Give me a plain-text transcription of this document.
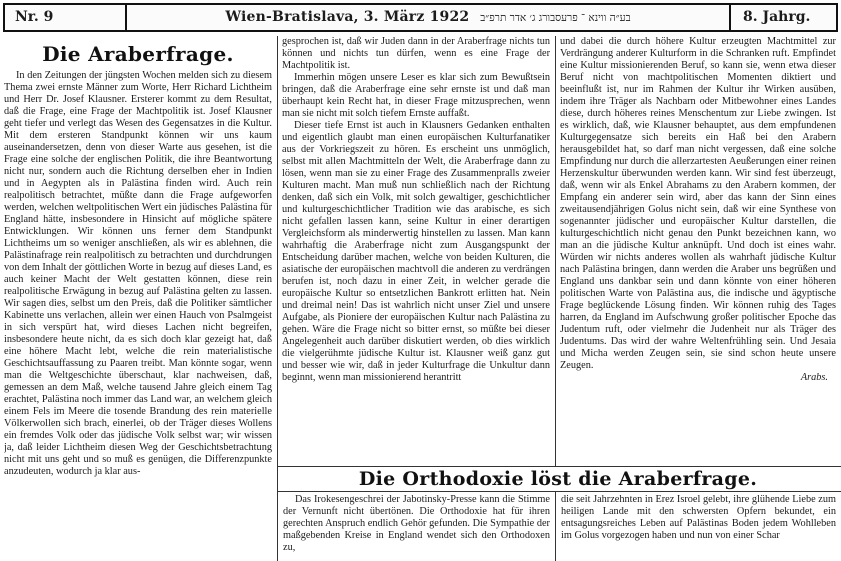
Nr. 9	Wien-Bratislava, 3. März 1922 בע״ה ווינא ־ פרעסבורג ג׳ אדר תרפ״ב	8. Jahrg.
Die Araberfrage.

In den Zeitungen der jüngsten Wochen melden sich zu diesem Thema zwei ernste Männer zum Worte, Herr Richard Lichtheim und Herr Dr. Josef Klausner. Ersterer kommt zu dem Resultat, daß die Frage, eine Frage der Machtpolitik ist. Josef Klausner geht tiefer und verlegt das Wesen des Gegensatzes in die Kultur. Mit dem ersteren Standpunkt können wir uns kaum auseinandersetzen, denn von dieser Warte aus gesehen, ist die Frage eine solche der englischen Politik, die ihre Beantwortung nicht nur, sondern auch die Richtung derselben eher in Indien und in Aegypten als in Palästina finden wird. Auch rein realpolitisch betrachtet, müßte dann die Frage aufgeworfen werden, welchen weltpolitischen Wert ein jüdisches Palästina für England hätte, insbesondere in Hinsicht auf mögliche spätere Entwicklungen. Wir können uns ferner dem Standpunkt Lichtheims um so weniger anschließen, als wir es ablehnen, die Palästinafrage rein realpolitisch zu betrachten und durchdrungen von dem Inhalt der göttlichen Worte in bezug auf dieses Land, es auch keiner Macht der Welt gestatten können, diese rein realpolitische Erwägung in bezug auf Palästina gelten zu lassen. Wir sagen dies, selbst um den Preis, daß die Politiker sämtlicher Kabinette uns verlachen, allein wer einen Hauch von Psalmgeist in sich verspürt hat, wird dieses Lachen nicht begreifen, insbesondere heute nicht, da es sich doch klar gezeigt hat, daß eine höhere Macht lebt, welche die rein materialistische Geschichtsauffassung zu Paaren treibt. Man könnte sogar, wenn man die Weltgeschichte überschaut, klar nachweisen, daß, gemessen an dem Maß, welche tausend Jahre gleich einem Tag erachtet, Palästina noch immer das Land war, an welchem gleich einem Fels im Meere die tosende Brandung des rein materielle Völkerwollen sich brach, einerlei, ob der Träger dieses Wollens ein fremdes Volk oder das jüdische Volk selbst war; wir wissen ja, daß leider Lichtheim diesen Weg der Geschichtsbetrachtung nicht mit uns geht und so muß es genügen, die Differenzpunkte anzudeuten, wodurch ja klar aus-

gesprochen ist, daß wir Juden dann in der Araberfrage nichts tun können und nichts tun dürfen, wenn es eine Frage der Machtpolitik ist.

Immerhin mögen unsere Leser es klar sich zum Bewußtsein bringen, daß die Araberfrage eine sehr ernste ist und daß man überhaupt kein Recht hat, in dieser Frage mitzusprechen, wenn man sie nicht mit solch tiefem Ernste auffaßt.

Dieser tiefe Ernst ist auch in Klausners Gedanken enthalten und eigentlich glaubt man einen europäischen Kulturfanatiker aus der Vorkriegszeit zu hören. Es erscheint uns unmöglich, selbst mit allen Machtmitteln der Welt, die Araberfrage dann zu lösen, wenn man sie zu einer Frage des Zusammenpralls zweier Kulturen macht. Man muß nun schließlich nach der Richtung denken, daß sich ein Volk, mit solch gewaltiger, geschichtlicher und kulturgeschichtlicher Tradition wie das arabische, es sich nicht gefallen lassen kann, seine Kultur in einer derartigen Vergleichsform als minderwertig hinstellen zu lassen. Man kann wahrhaftig die Araberfrage nicht zum Ausgangspunkt der Entscheidung darüber machen, welche von beiden Kulturen, die asiatische der europäischen machtvoll die anderen zu verdrängen berufen ist, noch dazu in einer Zeit, in welcher gerade die europäische Kultur so entsetzlichen Bankrott erlitten hat. Nein und dreimal nein! Das ist wahrlich nicht unser Ziel und unsere Aufgabe, als Pioniere der europäischen Kultur nach Palästina zu gehen. Wäre die Frage nicht so bitter ernst, so müßte bei dieser Angelegenheit auch darüber diskutiert werden, ob dies wirklich die vielgerühmte jüdische Kultur ist. Klausner weiß ganz gut und besser wie wir, daß in jeder Kulturfrage die Unkultur dann beginnt, wenn man missionierend herantritt

und dabei die durch höhere Kultur erzeugten Machtmittel zur Verdrängung anderer Kulturform in die Schranken ruft. Empfindet eine Kultur missionierenden Beruf, so kann sie, wenn etwa dieser Beruf nicht von machtpolitischen Momenten diktiert und beeinflußt ist, nur im Rahmen der Kultur ihr Wirken ausüben, indem ihre Träger als Nachbarn oder Mitbewohner eines Landes diese, durch höheres reines Menschentum zur Liebe zwingen. Ist es wirklich, daß, wie Klausner behauptet, aus dem empfundenen Kulturgegensatze sich bereits ein Haß bei den Arabern herausgebildet hat, so darf man nicht vergessen, daß eine solche Empfindung nur durch die allerzartesten Aeußerungen einer reinen Herzenskultur überwunden werden kann. Wir sind fest überzeugt, daß, wenn wir als Enkel Abrahams zu den Arabern kommen, der Empfang ein anderer sein wird, aber das kann der Sinn eines zweitausendjährigen Golus nicht sein, daß wir eine Synthese von sogenannter jüdischer und europäischer Kultur darstellen, die kulturgeschichtlich nicht genau den Punkt bezeichnen kann, wo man an die jüdische Kultur anknüpft. Und doch ist eines wahr. Würden wir nichts anderes wollen als wahrhaft jüdische Kultur nach Palästina bringen, dann werden die Araber uns begrüßen und England uns dankbar sein und dann könnte von einer höheren politischen Warte von Palästina aus, die indische und ägyptische Frage beglückende Lösung finden. Wir können ruhig des Tages harren, da England im Aufschwung großer politischer Epoche das Judentum ruft, oder vielmehr die Judenheit nur als Träger des Judentums. Das wird der wahre Weltenfrühling sein. Und Jesaia und Micha werden Zeugen sein, sie sind schon heute unsere Zeugen.

Arabs.
Die Orthodoxie löst die Araberfrage.

Das Irokesengeschrei der Jabotinsky-Presse kann die Stimme der Vernunft nicht übertönen. Die Orthodoxie hat für ihren gerechten Anspruch endlich Gehör gefunden. Die Sympathie der maßgebenden Kreise in England wendet sich den Orthodoxen zu,

die seit Jahrzehnten in Erez Isroel gelebt, ihre glühende Liebe zum heiligen Lande mit den schwersten Opfern bekundet, ein entsagungsreiches Leben auf Palästinas Boden jedem Wohlleben im Golus vorgezogen haben und nun von einer Schar
